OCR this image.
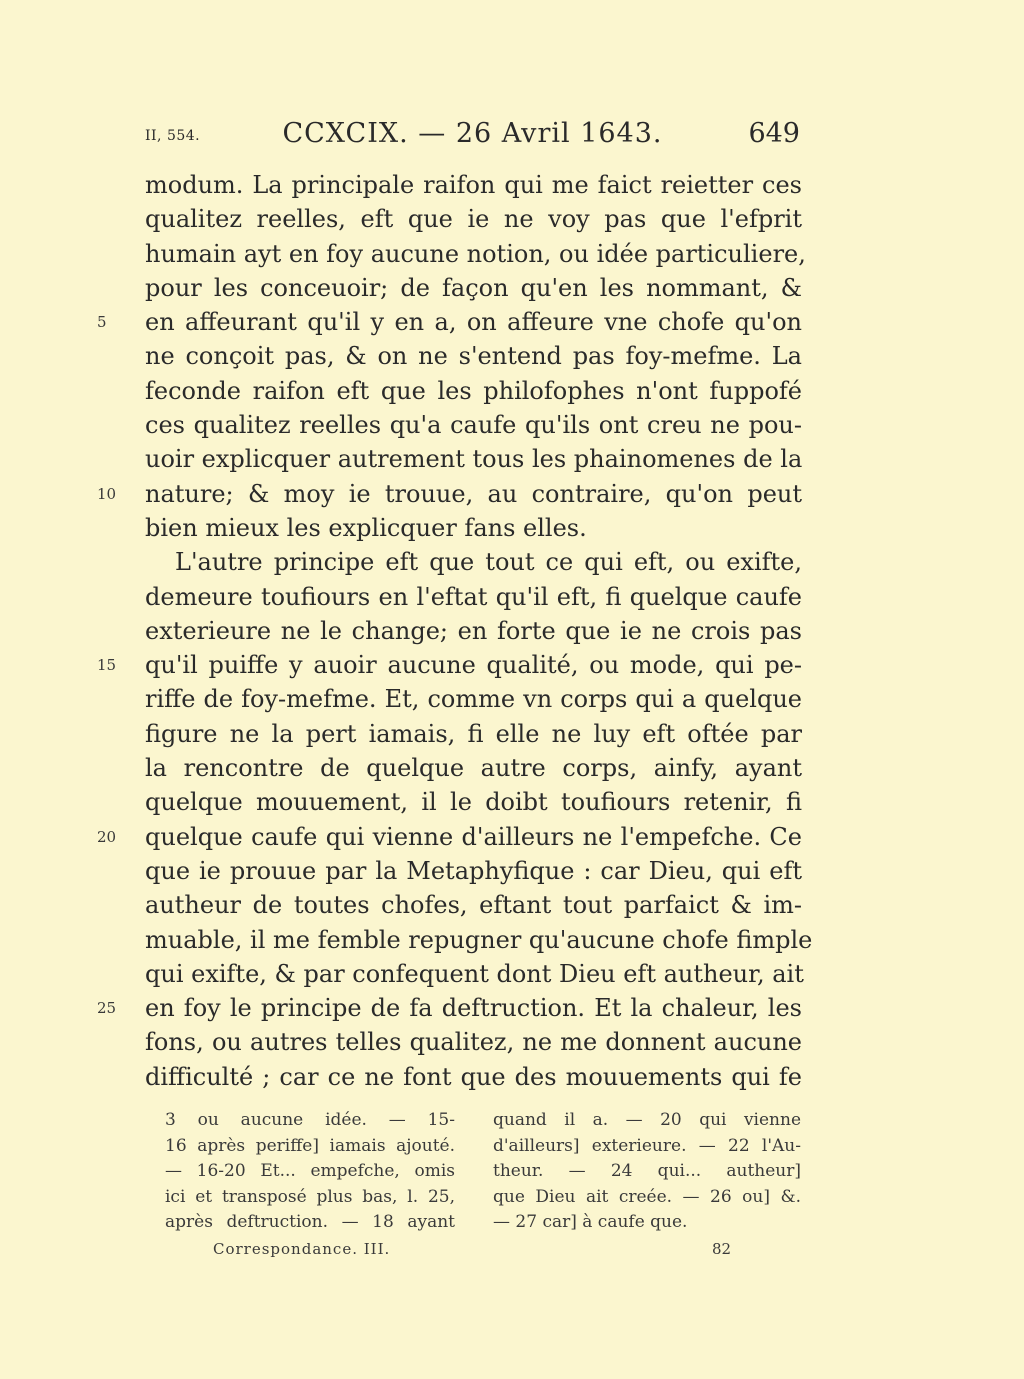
II, 554.	CCXCIX. — 26 Avril 1643.	649
modum. La principale raifon qui me faict reietter ces
qualitez reelles, eft que ie ne voy pas que l'efprit
humain ayt en foy aucune notion, ou idée particuliere,
pour les conceuoir; de façon qu'en les nommant, &
5	en affeurant qu'il y en a, on affeure vne chofe qu'on
ne conçoit pas, & on ne s'entend pas foy-mefme. La
feconde raifon eft que les philofophes n'ont fuppofé
ces qualitez reelles qu'a caufe qu'ils ont creu ne pou-
uoir explicquer autrement tous les phainomenes de la
10 nature; & moy ie trouue, au contraire, qu'on peut
bien mieux les explicquer fans elles.
L'autre principe eft que tout ce qui eft, ou exifte,
demeure toufiours en l'eftat qu'il eft, fi quelque caufe
exterieure ne le change; en forte que ie ne crois pas
15 qu'il puiffe y auoir aucune qualité, ou mode, qui pe-
riffe de foy-mefme. Et, comme vn corps qui a quelque
figure ne la pert iamais, fi elle ne luy eft oftée par
la rencontre de quelque autre corps, ainfy, ayant
quelque mouuement, il le doibt toufiours retenir, fi
20 quelque caufe qui vienne d'ailleurs ne l'empefche. Ce
que ie prouue par la Metaphyfique : car Dieu, qui eft
autheur de toutes chofes, eftant tout parfaict & im-
muable, il me femble repugner qu'aucune chofe fimple
qui exifte, & par confequent dont Dieu eft autheur, ait
25 en foy le principe de fa deftruction. Et la chaleur, les
fons, ou autres telles qualitez, ne me donnent aucune
difficulté ; car ce ne font que des mouuements qui fe
3 ou aucune idée. — 15-
16 après periffe] iamais ajouté.
— 16-20 Et... empefche, omis
ici et transposé plus bas, l. 25,
après deftruction. — 18 ayant
quand il a. — 20 qui vienne
d'ailleurs] exterieure. — 22 l'Au-
theur. — 24 qui... autheur]
que Dieu ait creée. — 26 ou] &.
— 27 car] à caufe que.
Correspondance. III.	82
